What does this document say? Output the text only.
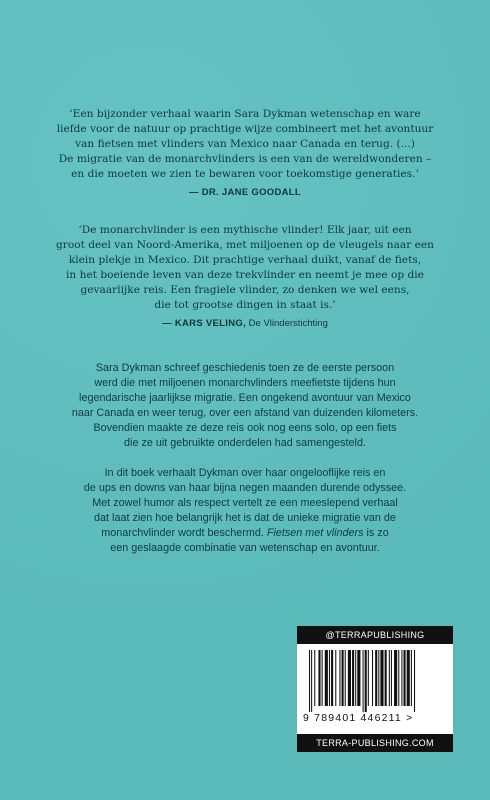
‘Een bijzonder verhaal waarin Sara Dykman wetenschap en ware

liefde voor de natuur op prachtige wijze combineert met het avontuur

van fietsen met vlinders van Mexico naar Canada en terug. (...)

De migratie van de monarchvlinders is een van de wereldwonderen –

en die moeten we zien te bewaren voor toekomstige generaties.’

— DR. JANE GOODALL

‘De monarchvlinder is een mythische vlinder! Elk jaar, uit een

groot deel van Noord-Amerika, met miljoenen op de vleugels naar een

klein plekje in Mexico. Dit prachtige verhaal duikt, vanaf de fiets,

in het boeiende leven van deze trekvlinder en neemt je mee op die

gevaarlijke reis. Een fragiele vlinder, zo denken we wel eens,

die tot grootse dingen in staat is.’

— KARS VELING, De Vlinderstichting

Sara Dykman schreef geschiedenis toen ze de eerste persoon

werd die met miljoenen monarchvlinders meefietste tijdens hun

legendarische jaarlijkse migratie. Een ongekend avontuur van Mexico

naar Canada en weer terug, over een afstand van duizenden kilometers.

Bovendien maakte ze deze reis ook nog eens solo, op een fiets

die ze uit gebruikte onderdelen had samengesteld.

In dit boek verhaalt Dykman over haar ongelooflijke reis en

de ups en downs van haar bijna negen maanden durende odyssee.

Met zowel humor als respect vertelt ze een meeslepend verhaal

dat laat zien hoe belangrijk het is dat de unieke migratie van de

monarchvlinder wordt beschermd. Fietsen met vlinders is zo

een geslaagde combinatie van wetenschap en avontuur.

@TERRAPUBLISHING
9 789401 446211 >
TERRA-PUBLISHING.COM
